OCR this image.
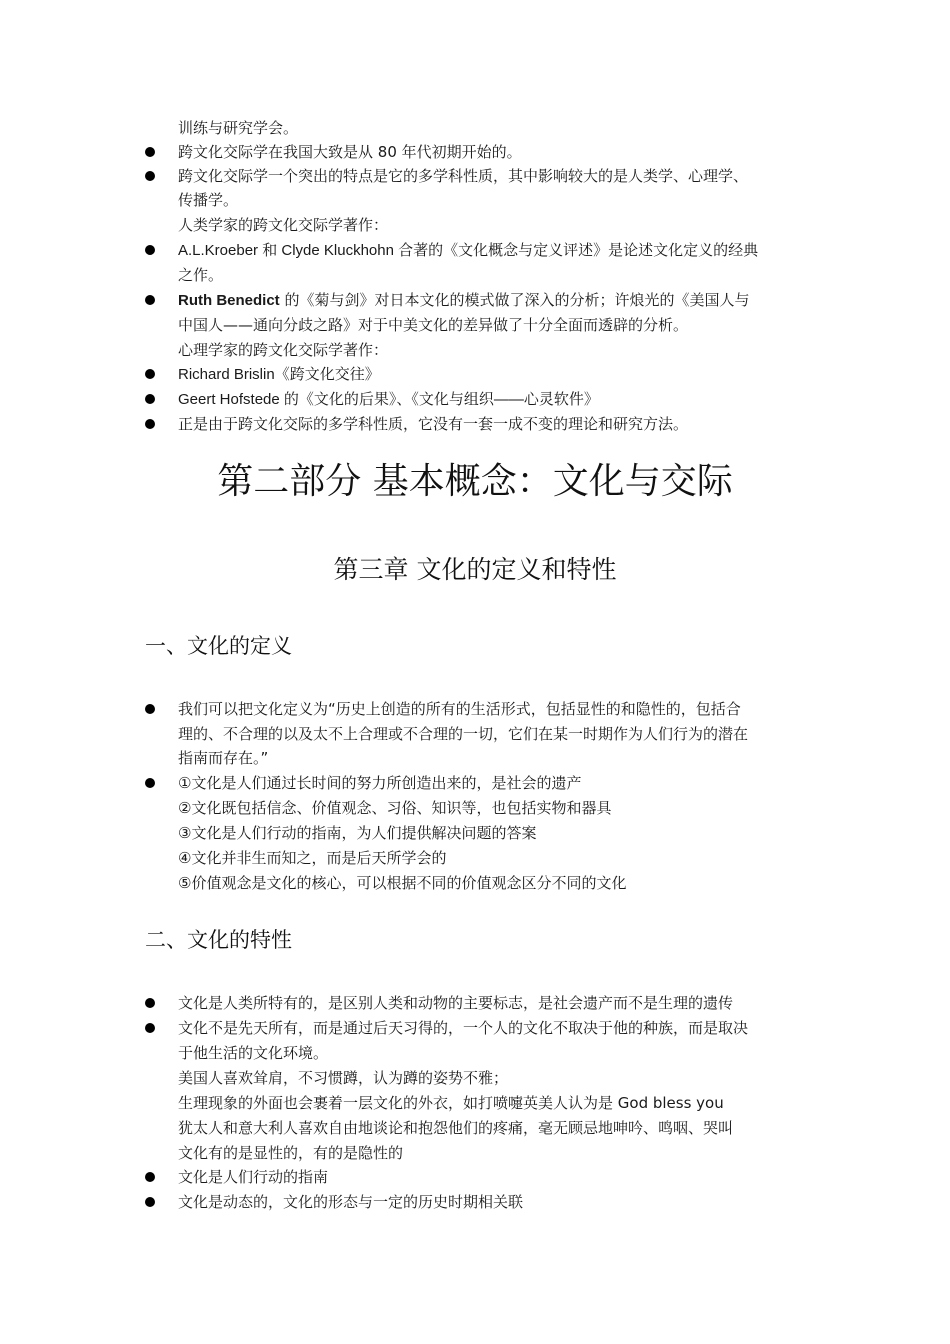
训练与研究学会。
跨文化交际学在我国大致是从 80 年代初期开始的。
跨文化交际学一个突出的特点是它的多学科性质，其中影响较大的是人类学、心理学、
传播学。
人类学家的跨文化交际学著作：
A.L.Kroeber 和 Clyde Kluckhohn 合著的《文化概念与定义评述》是论述文化定义的经典
之作。
Ruth Benedict 的《菊与剑》对日本文化的模式做了深入的分析；许烺光的《美国人与
中国人——通向分歧之路》对于中美文化的差异做了十分全面而透辟的分析。
心理学家的跨文化交际学著作：
Richard Brislin《跨文化交往》
Geert Hofstede 的《文化的后果》、《文化与组织——心灵软件》
正是由于跨文化交际的多学科性质，它没有一套一成不变的理论和研究方法。
第二部分 基本概念：文化与交际
第三章 文化的定义和特性
一、文化的定义
我们可以把文化定义为“历史上创造的所有的生活形式，包括显性的和隐性的，包括合
理的、不合理的以及太不上合理或不合理的一切，它们在某一时期作为人们行为的潜在
指南而存在。”
①文化是人们通过长时间的努力所创造出来的，是社会的遗产
②文化既包括信念、价值观念、习俗、知识等，也包括实物和器具
③文化是人们行动的指南，为人们提供解决问题的答案
④文化并非生而知之，而是后天所学会的
⑤价值观念是文化的核心，可以根据不同的价值观念区分不同的文化
二、文化的特性
文化是人类所特有的，是区别人类和动物的主要标志，是社会遗产而不是生理的遗传
文化不是先天所有，而是通过后天习得的，一个人的文化不取决于他的种族，而是取决
于他生活的文化环境。
美国人喜欢耸肩，不习惯蹲，认为蹲的姿势不雅；
生理现象的外面也会裹着一层文化的外衣，如打喷嚏英美人认为是 God bless you
犹太人和意大利人喜欢自由地谈论和抱怨他们的疼痛，毫无顾忌地呻吟、鸣咽、哭叫
文化有的是显性的，有的是隐性的
文化是人们行动的指南
文化是动态的，文化的形态与一定的历史时期相关联
